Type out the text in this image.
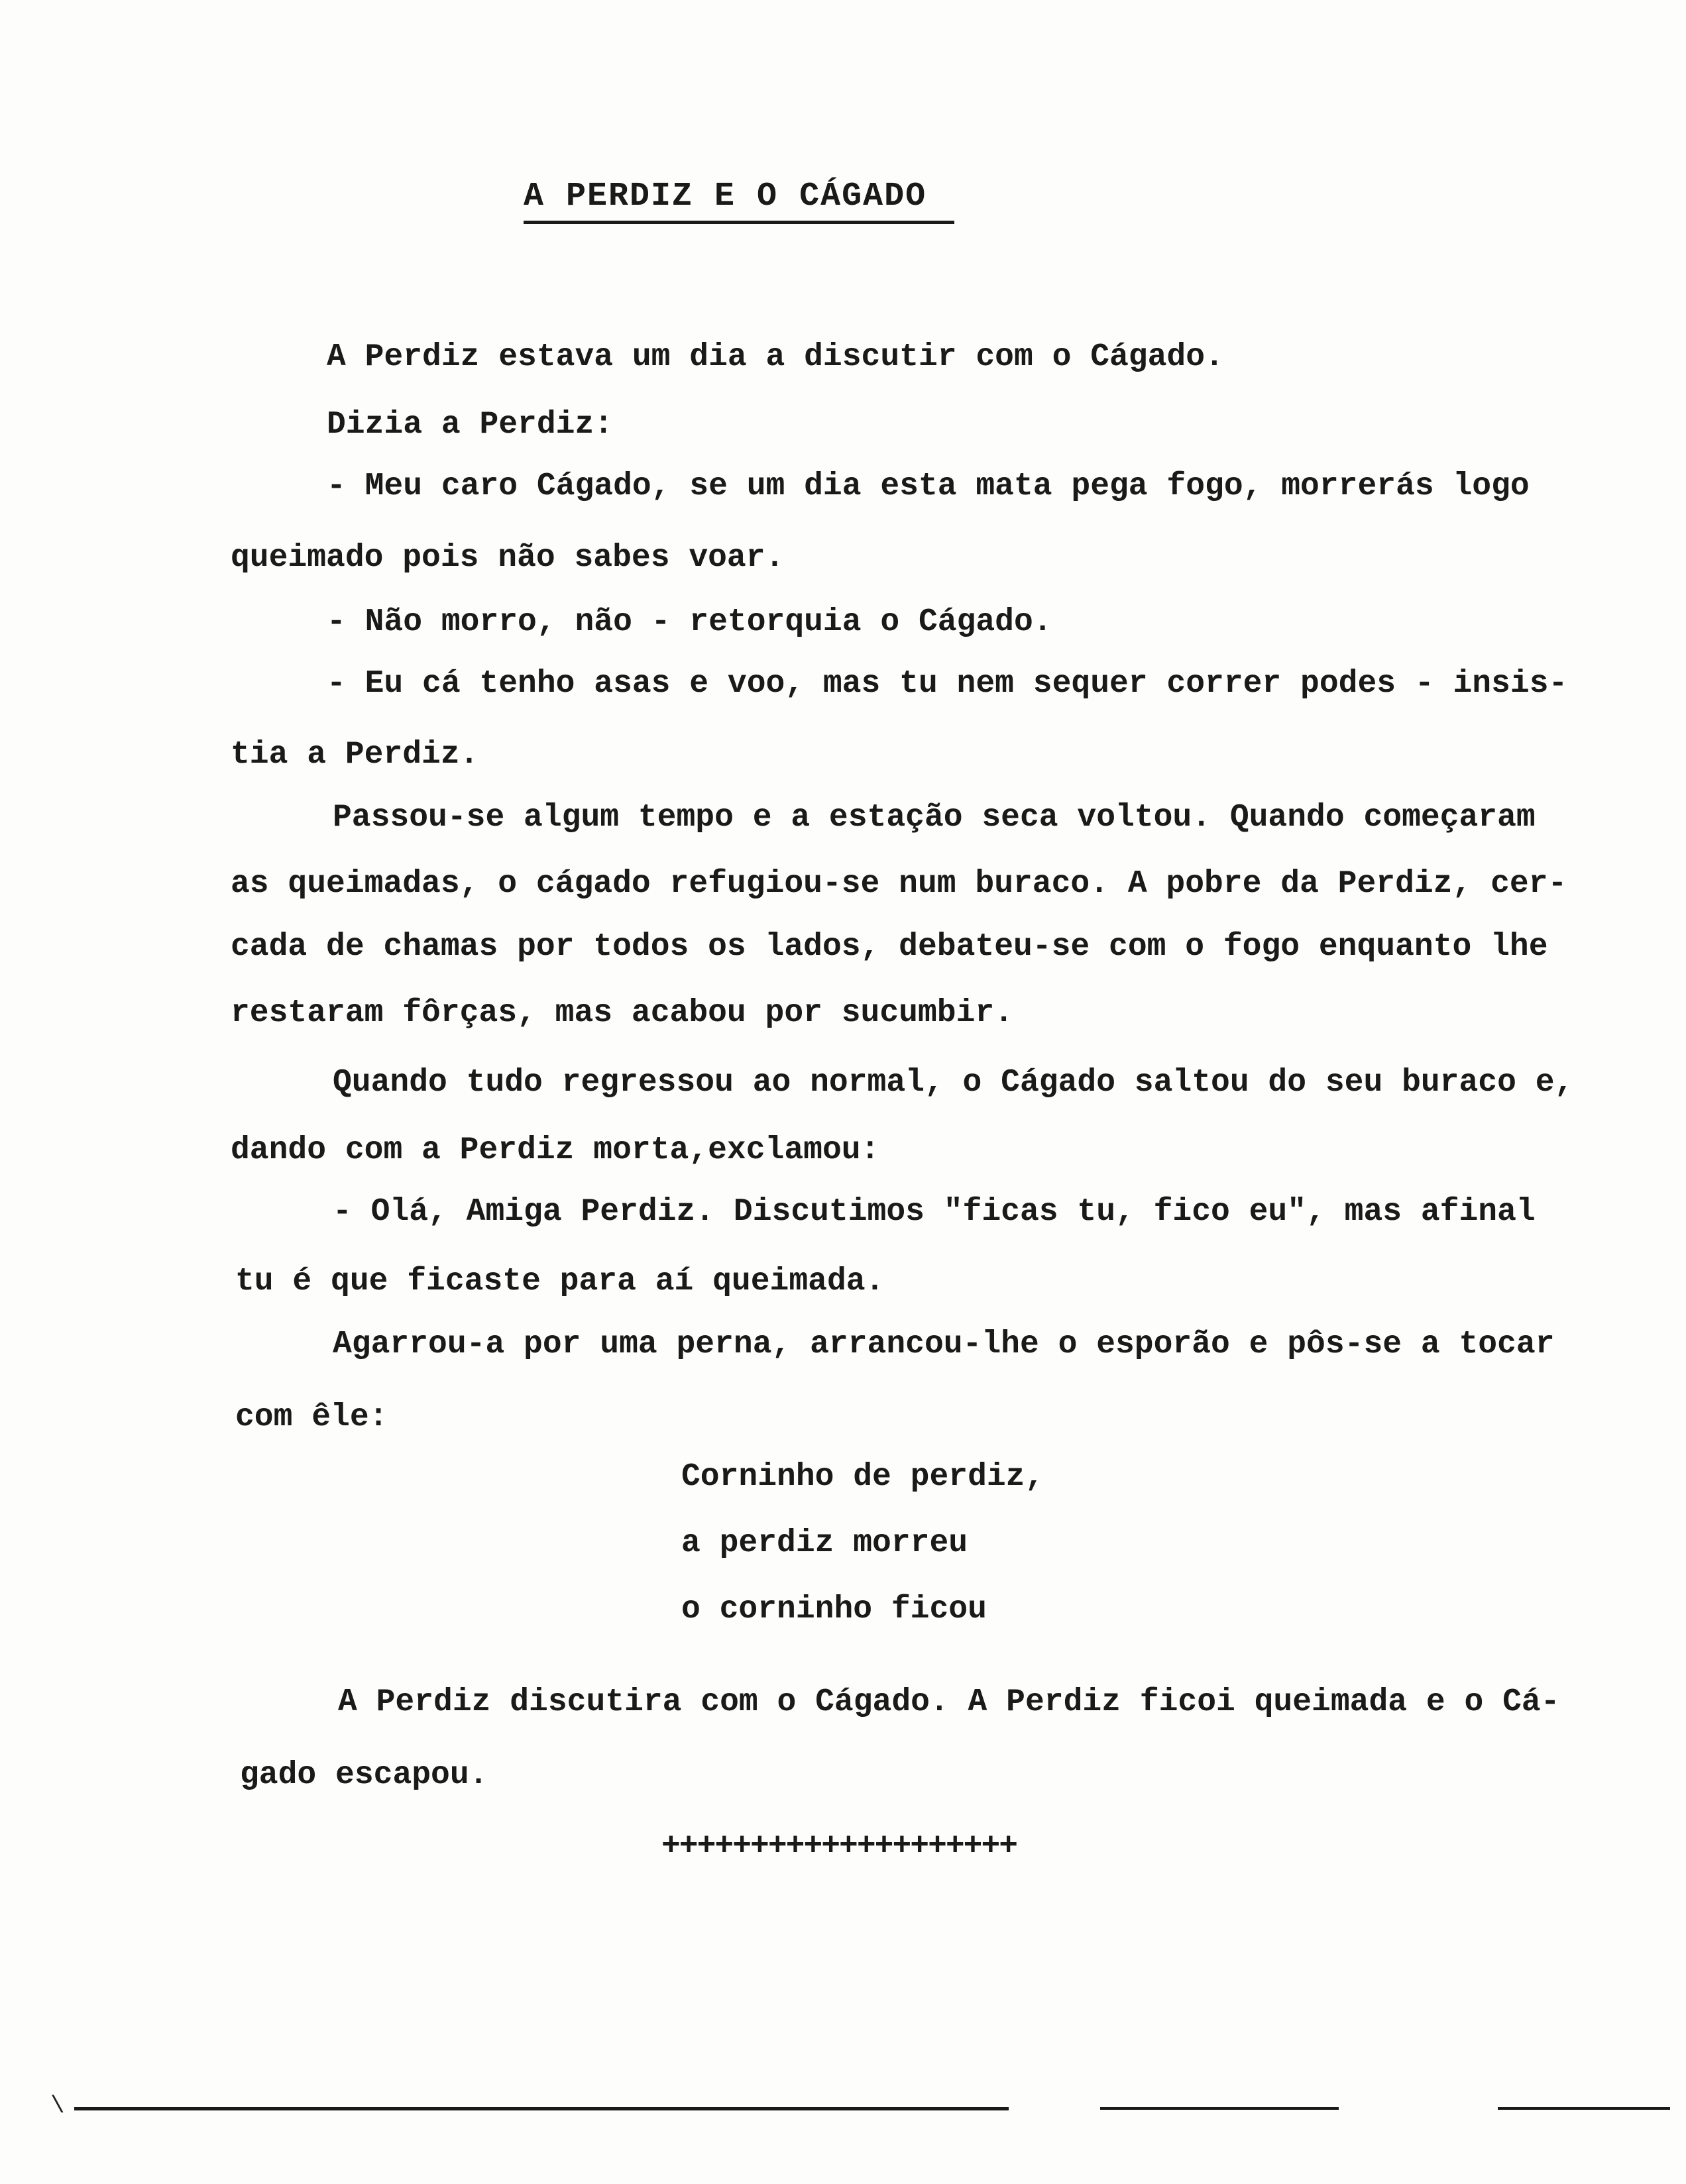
A PERDIZ E O CÁGADO
A Perdiz estava um dia a discutir com o Cágado.
Dizia a Perdiz:
- Meu caro Cágado, se um dia esta mata pega fogo, morrerás logo
queimado pois não sabes voar.
- Não morro, não - retorquia o Cágado.
- Eu cá tenho asas e voo, mas tu nem sequer correr podes - insis-
tia a Perdiz.
Passou-se algum tempo e a estação seca voltou. Quando começaram
as queimadas, o cágado refugiou-se num buraco. A pobre da Perdiz, cer-
cada de chamas por todos os lados, debateu-se com o fogo enquanto lhe
restaram fôrças, mas acabou por sucumbir.
Quando tudo regressou ao normal, o Cágado saltou do seu buraco e,
dando com a Perdiz morta,exclamou:
- Olá, Amiga Perdiz. Discutimos "ficas tu, fico eu", mas afinal
tu é que ficaste para aí queimada.
Agarrou-a por uma perna, arrancou-lhe o esporão e pôs-se a tocar
com êle:
Corninho de perdiz,
a perdiz morreu
o corninho ficou
A Perdiz discutira com o Cágado. A Perdiz ficoi queimada e o Cá-
gado escapou.
++++++++++++++++++++
\
